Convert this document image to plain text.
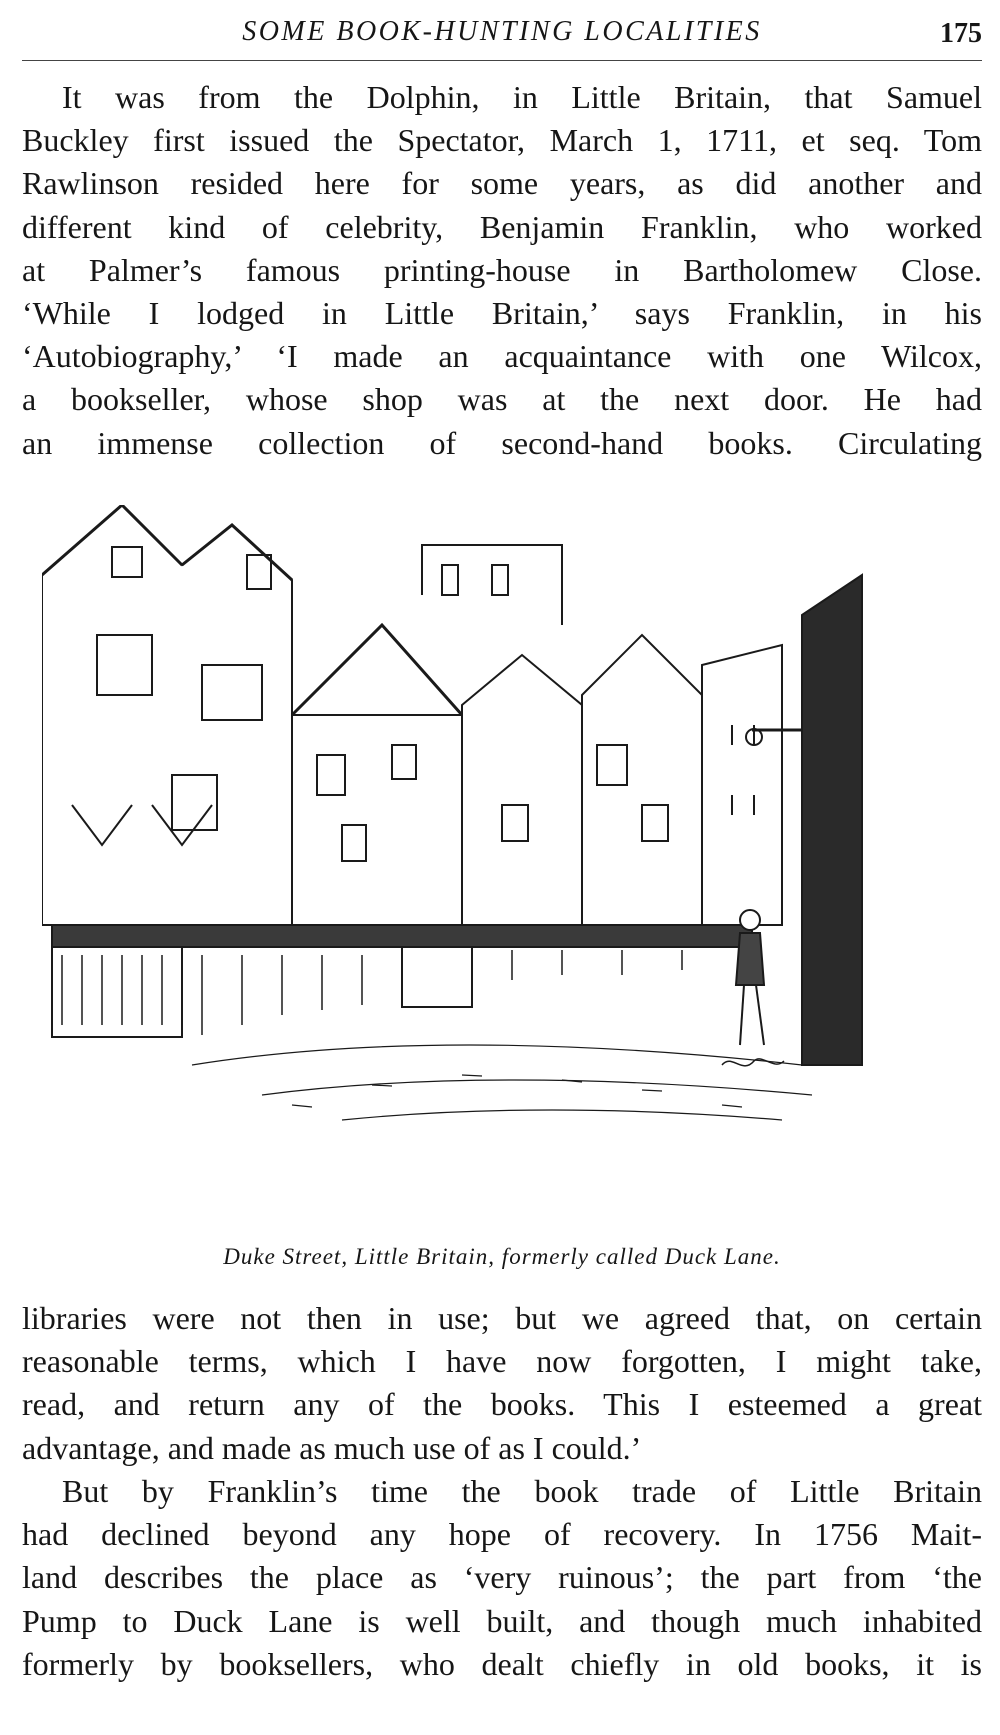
SOME BOOK-HUNTING LOCALITIES	175
It was from the Dolphin, in Little Britain, that Samuel
Buckley first issued the Spectator, March 1, 1711, et seq. Tom
Rawlinson resided here for some years, as did another and
different kind of celebrity, Benjamin Franklin, who worked
at Palmer’s famous printing-house in Bartholomew Close.
‘While I lodged in Little Britain,’ says Franklin, in his
‘Autobiography,’ ‘I made an acquaintance with one Wilcox,
a bookseller, whose shop was at the next door. He had
an immense collection of second-hand books. Circulating
Duke Street, Little Britain, formerly called Duck Lane.
libraries were not then in use; but we agreed that, on certain
reasonable terms, which I have now forgotten, I might take,
read, and return any of the books. This I esteemed a great
advantage, and made as much use of as I could.’
But by Franklin’s time the book trade of Little Britain
had declined beyond any hope of recovery. In 1756 Mait-
land describes the place as ‘very ruinous’; the part from ‘the
Pump to Duck Lane is well built, and though much inhabited
formerly by booksellers, who dealt chiefly in old books, it is
